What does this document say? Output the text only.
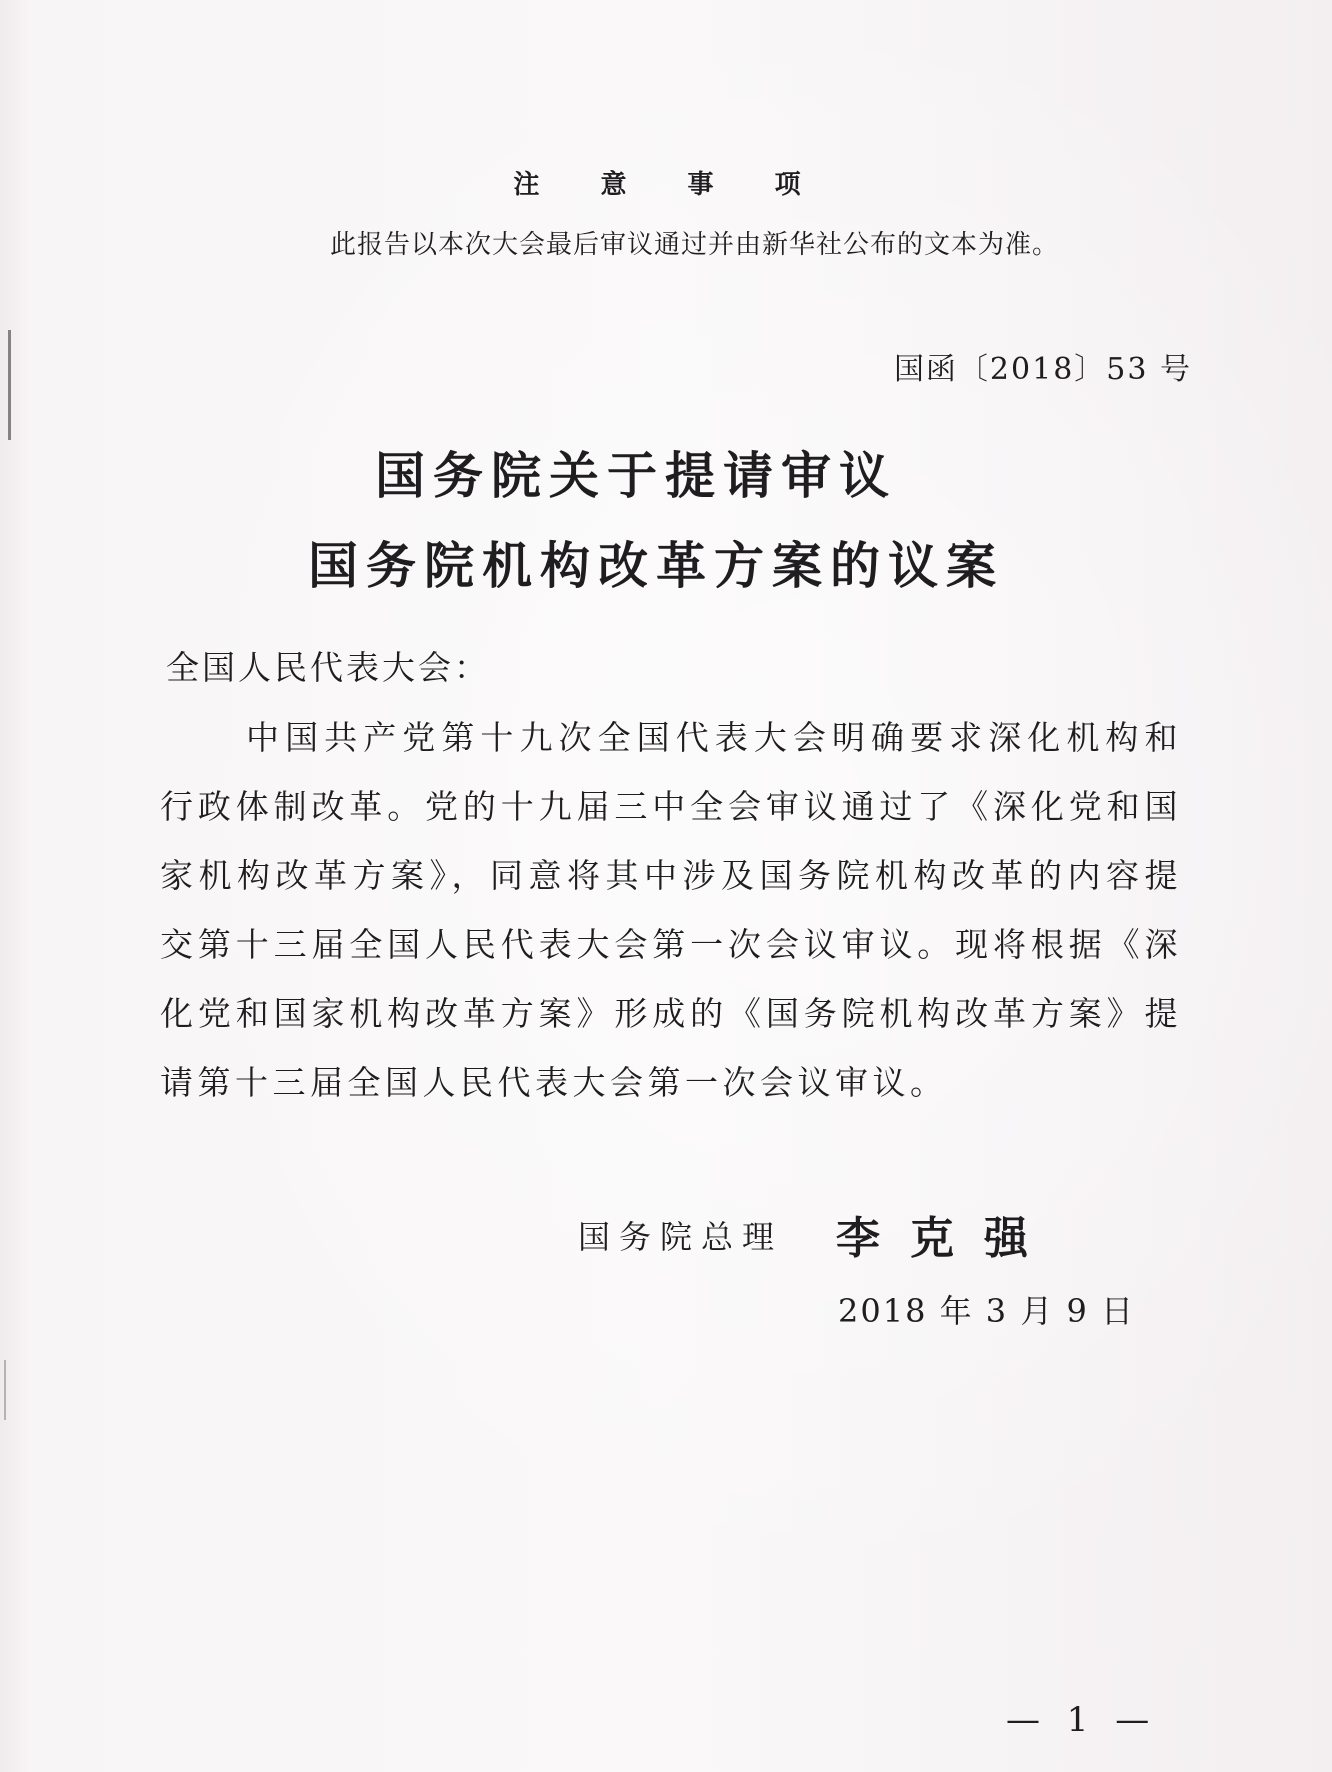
注 意 事 项
此报告以本次大会最后审议通过并由新华社公布的文本为准。
国函〔2018〕53 号
国务院关于提请审议
国务院机构改革方案的议案
全国人民代表大会：
中国共产党第十九次全国代表大会明确要求深化机构和行政体制改革。党的十九届三中全会审议通过了《深化党和国家机构改革方案》，同意将其中涉及国务院机构改革的内容提交第十三届全国人民代表大会第一次会议审议。现将根据《深化党和国家机构改革方案》形成的《国务院机构改革方案》提请第十三届全国人民代表大会第一次会议审议。
国务院总理 李克强
2018 年 3 月 9 日
— 1 —
